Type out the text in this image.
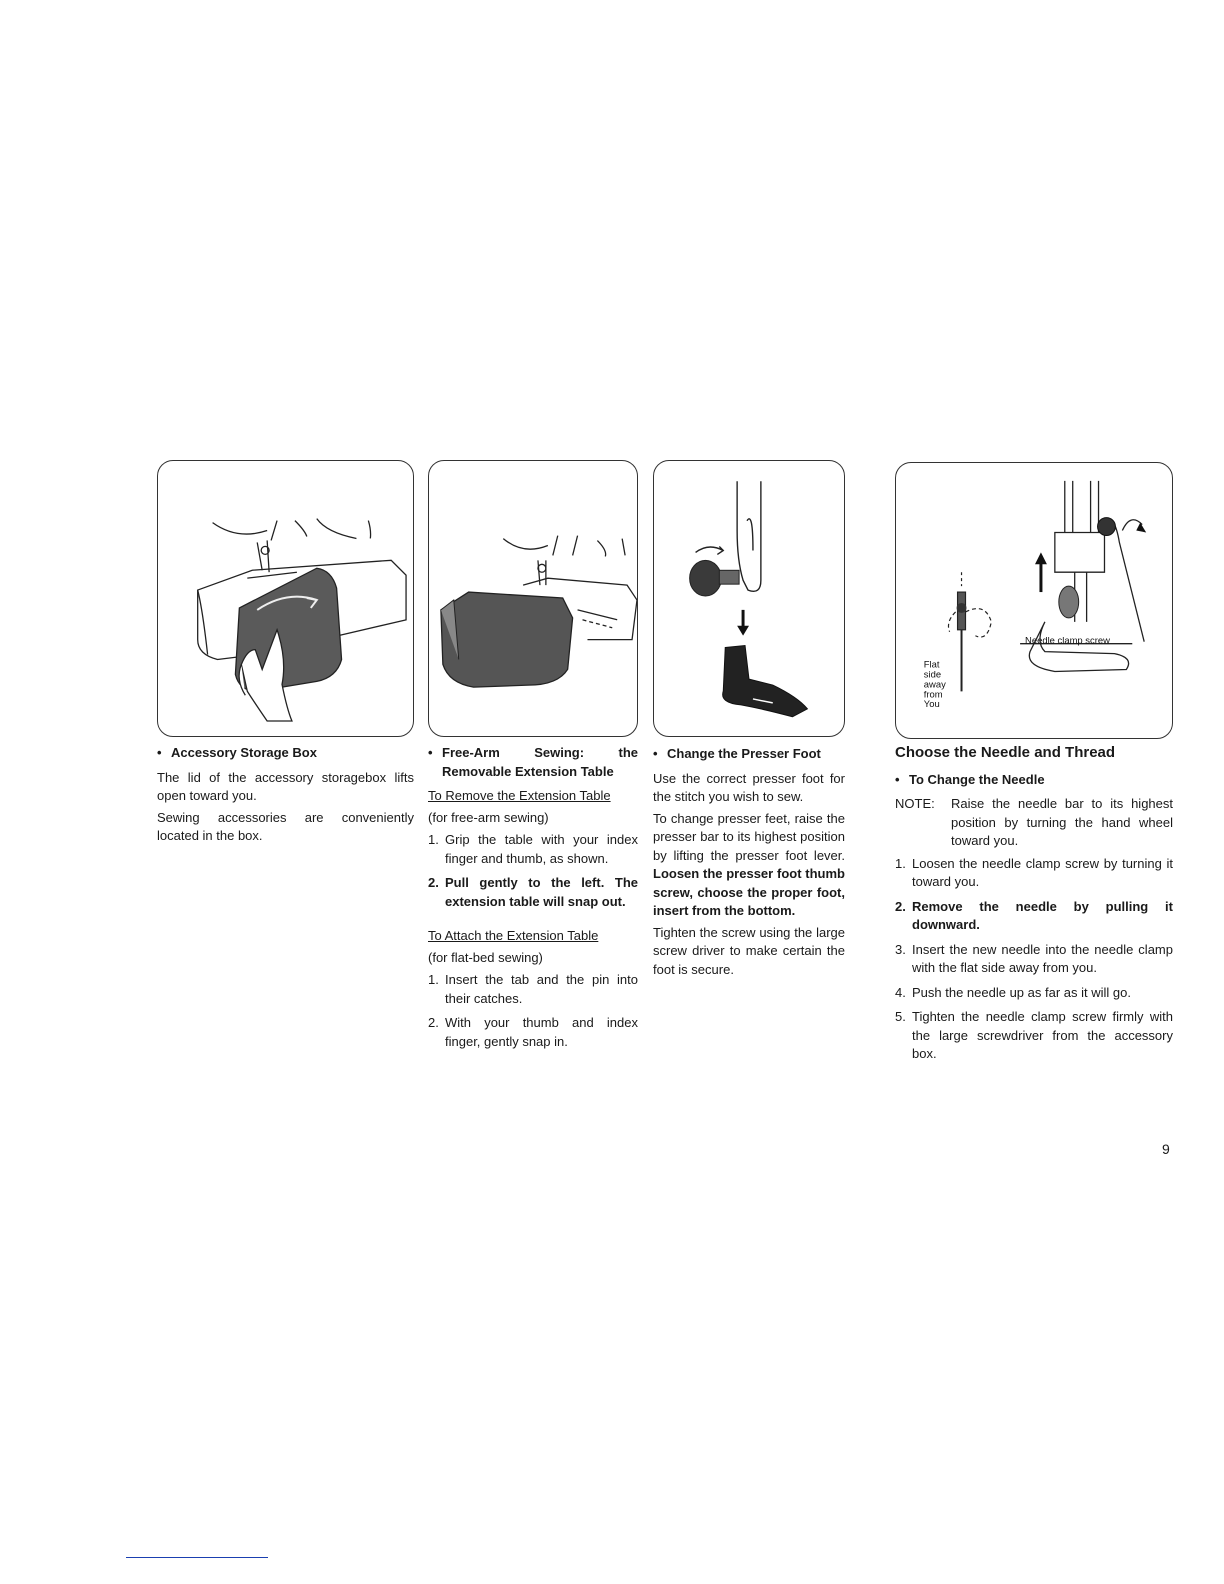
Needle clamp screw
Flat
side
away
from
You
• Accessory Storage Box

The lid of the accessory storagebox lifts open toward you.

Sewing accessories are conveniently located in the box.

• Free-Arm Sewing: the
Removable Extension Table

To Remove the Extension Table

(for free-arm sewing)

1. Grip the table with your index finger and thumb, as shown.
2. Pull gently to the left. The extension table will snap out.

To Attach the Extension Table

(for flat-bed sewing)

1. Insert the tab and the pin into their catches.
2. With your thumb and index finger, gently snap in.
• Change the Presser Foot

Use the correct presser foot for the stitch you wish to sew.

To change presser feet, raise the presser bar to its highest position by lifting the presser foot lever. Loosen the presser foot thumb screw, choose the proper foot, insert from the bottom.

Tighten the screw using the large screw driver to make certain the foot is secure.

Choose the Needle and Thread
• To Change the Needle
NOTE:	Raise the needle bar to its highest position by turning the hand wheel toward you.
1. Loosen the needle clamp screw by turning it toward you.
2. Remove the needle by pulling it downward.
3. Insert the new needle into the needle clamp with the flat side away from you.
4. Push the needle up as far as it will go.
5. Tighten the needle clamp screw firmly with the large screwdriver from the accessory box.
9
